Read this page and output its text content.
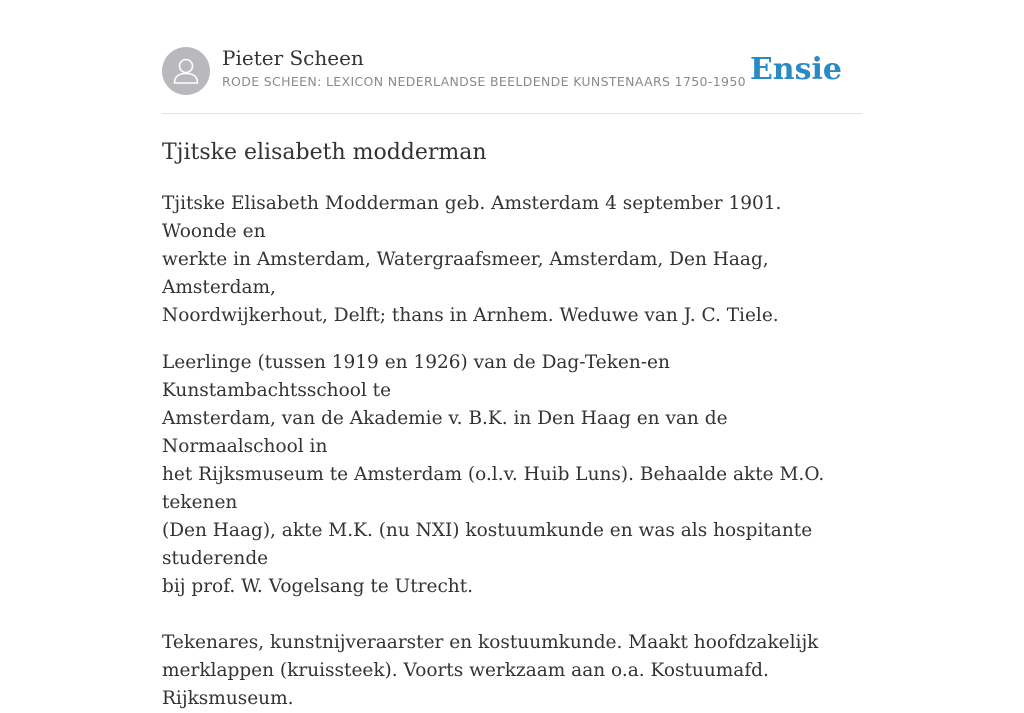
Pieter Scheen
RODE SCHEEN: LEXICON NEDERLANDSE BEELDENDE KUNSTENAARS 1750-1950 Ensie
Tjitske elisabeth modderman

Tjitske Elisabeth Modderman geb. Amsterdam 4 september 1901. Woonde en
werkte in Amsterdam, Watergraafsmeer, Amsterdam, Den Haag, Amsterdam,
Noordwijkerhout, Delft; thans in Arnhem. Weduwe van J. C. Tiele.

Leerlinge (tussen 1919 en 1926) van de Dag-Teken-en Kunstambachtsschool te
Amsterdam, van de Akademie v. B.K. in Den Haag en van de Normaalschool in
het Rijksmuseum te Amsterdam (o.l.v. Huib Luns). Behaalde akte M.O. tekenen
(Den Haag), akte M.K. (nu NXI) kostuumkunde en was als hospitante studerende
bij prof. W. Vogelsang te Utrecht.

Tekenares, kunstnijveraarster en kostuumkunde. Maakt hoofdzakelijk
merklappen (kruissteek). Voorts werkzaam aan o.a. Kostuumafd. Rijksmuseum.
